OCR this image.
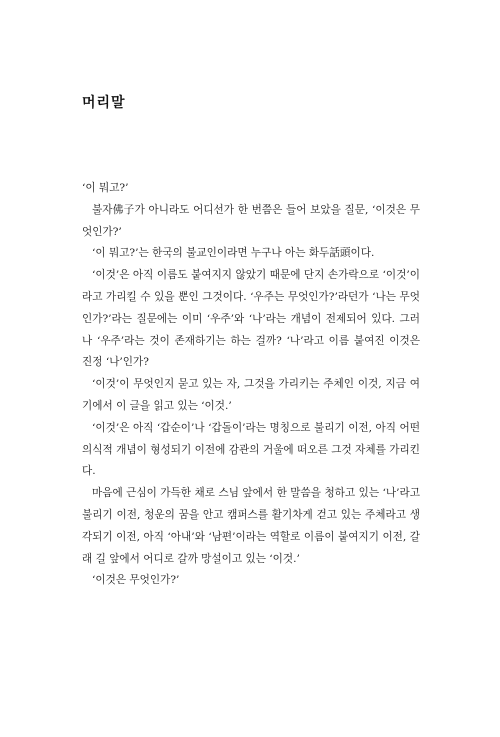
머리말

‘이 뭐고?’

불자佛子가 아니라도 어디선가 한 번쯤은 들어 보았을 질문, ‘이것은 무엇인가?’

‘이 뭐고?’는 한국의 불교인이라면 누구나 아는 화두話頭이다.

‘이것’은 아직 이름도 붙여지지 않았기 때문에 단지 손가락으로 ‘이것’이라고 가리킬 수 있을 뿐인 그것이다. ‘우주는 무엇인가?’라던가 ‘나는 무엇인가?’라는 질문에는 이미 ‘우주’와 ‘나’라는 개념이 전제되어 있다. 그러나 ‘우주’라는 것이 존재하기는 하는 걸까? ‘나’라고 이름 붙여진 이것은 진정 ‘나’인가?

‘이것’이 무엇인지 묻고 있는 자, 그것을 가리키는 주체인 이것, 지금 여기에서 이 글을 읽고 있는 ‘이것.’

‘이것’은 아직 ‘갑순이’나 ‘갑돌이’라는 명칭으로 불리기 이전, 아직 어떤 의식적 개념이 형성되기 이전에 감관의 거울에 떠오른 그것 자체를 가리킨다.

마음에 근심이 가득한 채로 스님 앞에서 한 말씀을 청하고 있는 ‘나’라고 불리기 이전, 청운의 꿈을 안고 캠퍼스를 활기차게 걷고 있는 주체라고 생각되기 이전, 아직 ‘아내’와 ‘남편’이라는 역할로 이름이 붙여지기 이전, 갈래 길 앞에서 어디로 갈까 망설이고 있는 ‘이것.’

‘이것은 무엇인가?’
